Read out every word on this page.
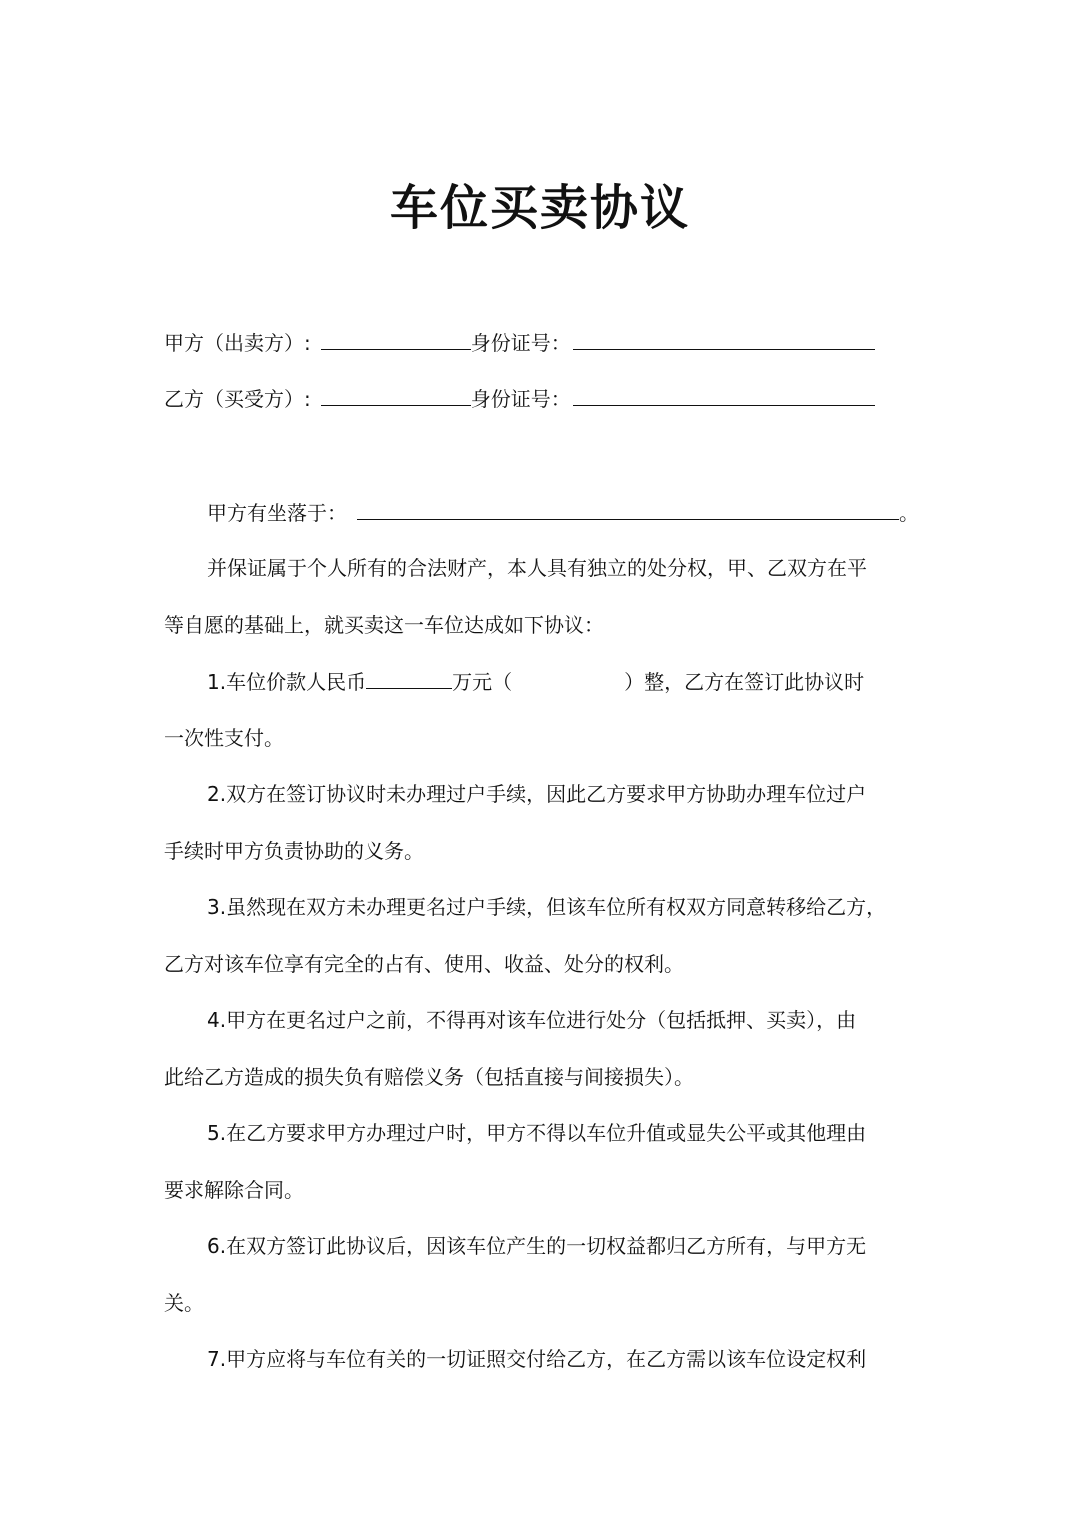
车位买卖协议
甲方（出卖方）:	身份证号：
乙方（买受方）:	身份证号：
甲方有坐落于：	。
并保证属于个人所有的合法财产，本人具有独立的处分权，甲、乙双方在平
等自愿的基础上，就买卖这一车位达成如下协议：
1.车位价款人民币	万元（	）整，乙方在签订此协议时
一次性支付。
2.双方在签订协议时未办理过户手续，因此乙方要求甲方协助办理车位过户
手续时甲方负责协助的义务。
3.虽然现在双方未办理更名过户手续，但该车位所有权双方同意转移给乙方，
乙方对该车位享有完全的占有、使用、收益、处分的权利。
4.甲方在更名过户之前，不得再对该车位进行处分（包括抵押、买卖），由
此给乙方造成的损失负有赔偿义务（包括直接与间接损失）。
5.在乙方要求甲方办理过户时，甲方不得以车位升值或显失公平或其他理由
要求解除合同。
6.在双方签订此协议后，因该车位产生的一切权益都归乙方所有，与甲方无
关。
7.甲方应将与车位有关的一切证照交付给乙方，在乙方需以该车位设定权利
